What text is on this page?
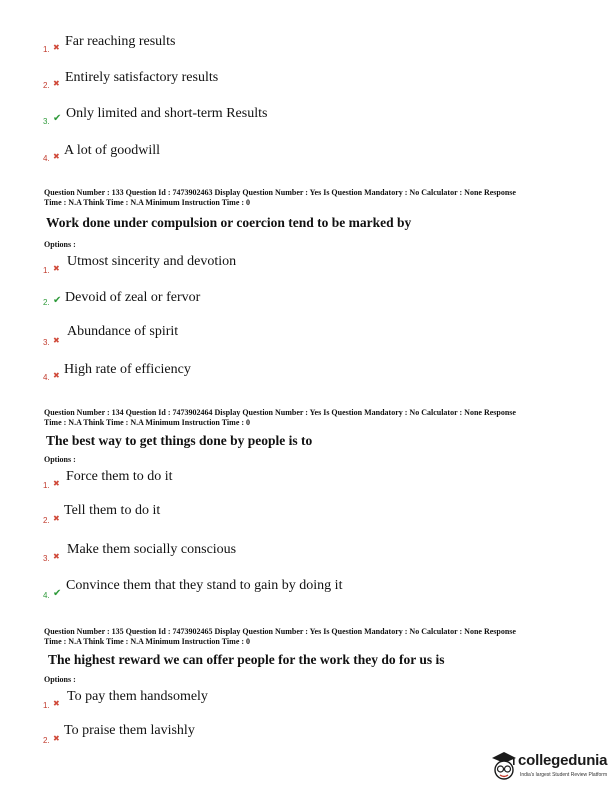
1. ✖ Far reaching results
2. ✖ Entirely satisfactory results
3. ✔ Only limited and short-term Results
4. ✖ A lot of goodwill
Question Number : 133 Question Id : 7473902463 Display Question Number : Yes Is Question Mandatory : No Calculator : None Response
Time : N.A Think Time : N.A Minimum Instruction Time : 0
Work done under compulsion or coercion tend to be marked by
Options :
1. ✖ Utmost sincerity and devotion
2. ✔ Devoid of zeal or fervor
3. ✖
Abundance of spirit
4. ✖ High rate of efficiency
Question Number : 134 Question Id : 7473902464 Display Question Number : Yes Is Question Mandatory : No Calculator : None Response
Time : N.A Think Time : N.A Minimum Instruction Time : 0
The best way to get things done by people is to
Options :
1. ✖ Force them to do it
2. ✖
Tell them to do it
3. ✖ Make them socially conscious
4. ✔
Convince them that they stand to gain by doing it
Question Number : 135 Question Id : 7473902465 Display Question Number : Yes Is Question Mandatory : No Calculator : None Response
Time : N.A Think Time : N.A Minimum Instruction Time : 0
The highest reward we can offer people for the work they do for us is
Options :
1. ✖ To pay them handsomely
2. ✖
To praise them lavishly
collegedunia
India's largest Student Review Platform
